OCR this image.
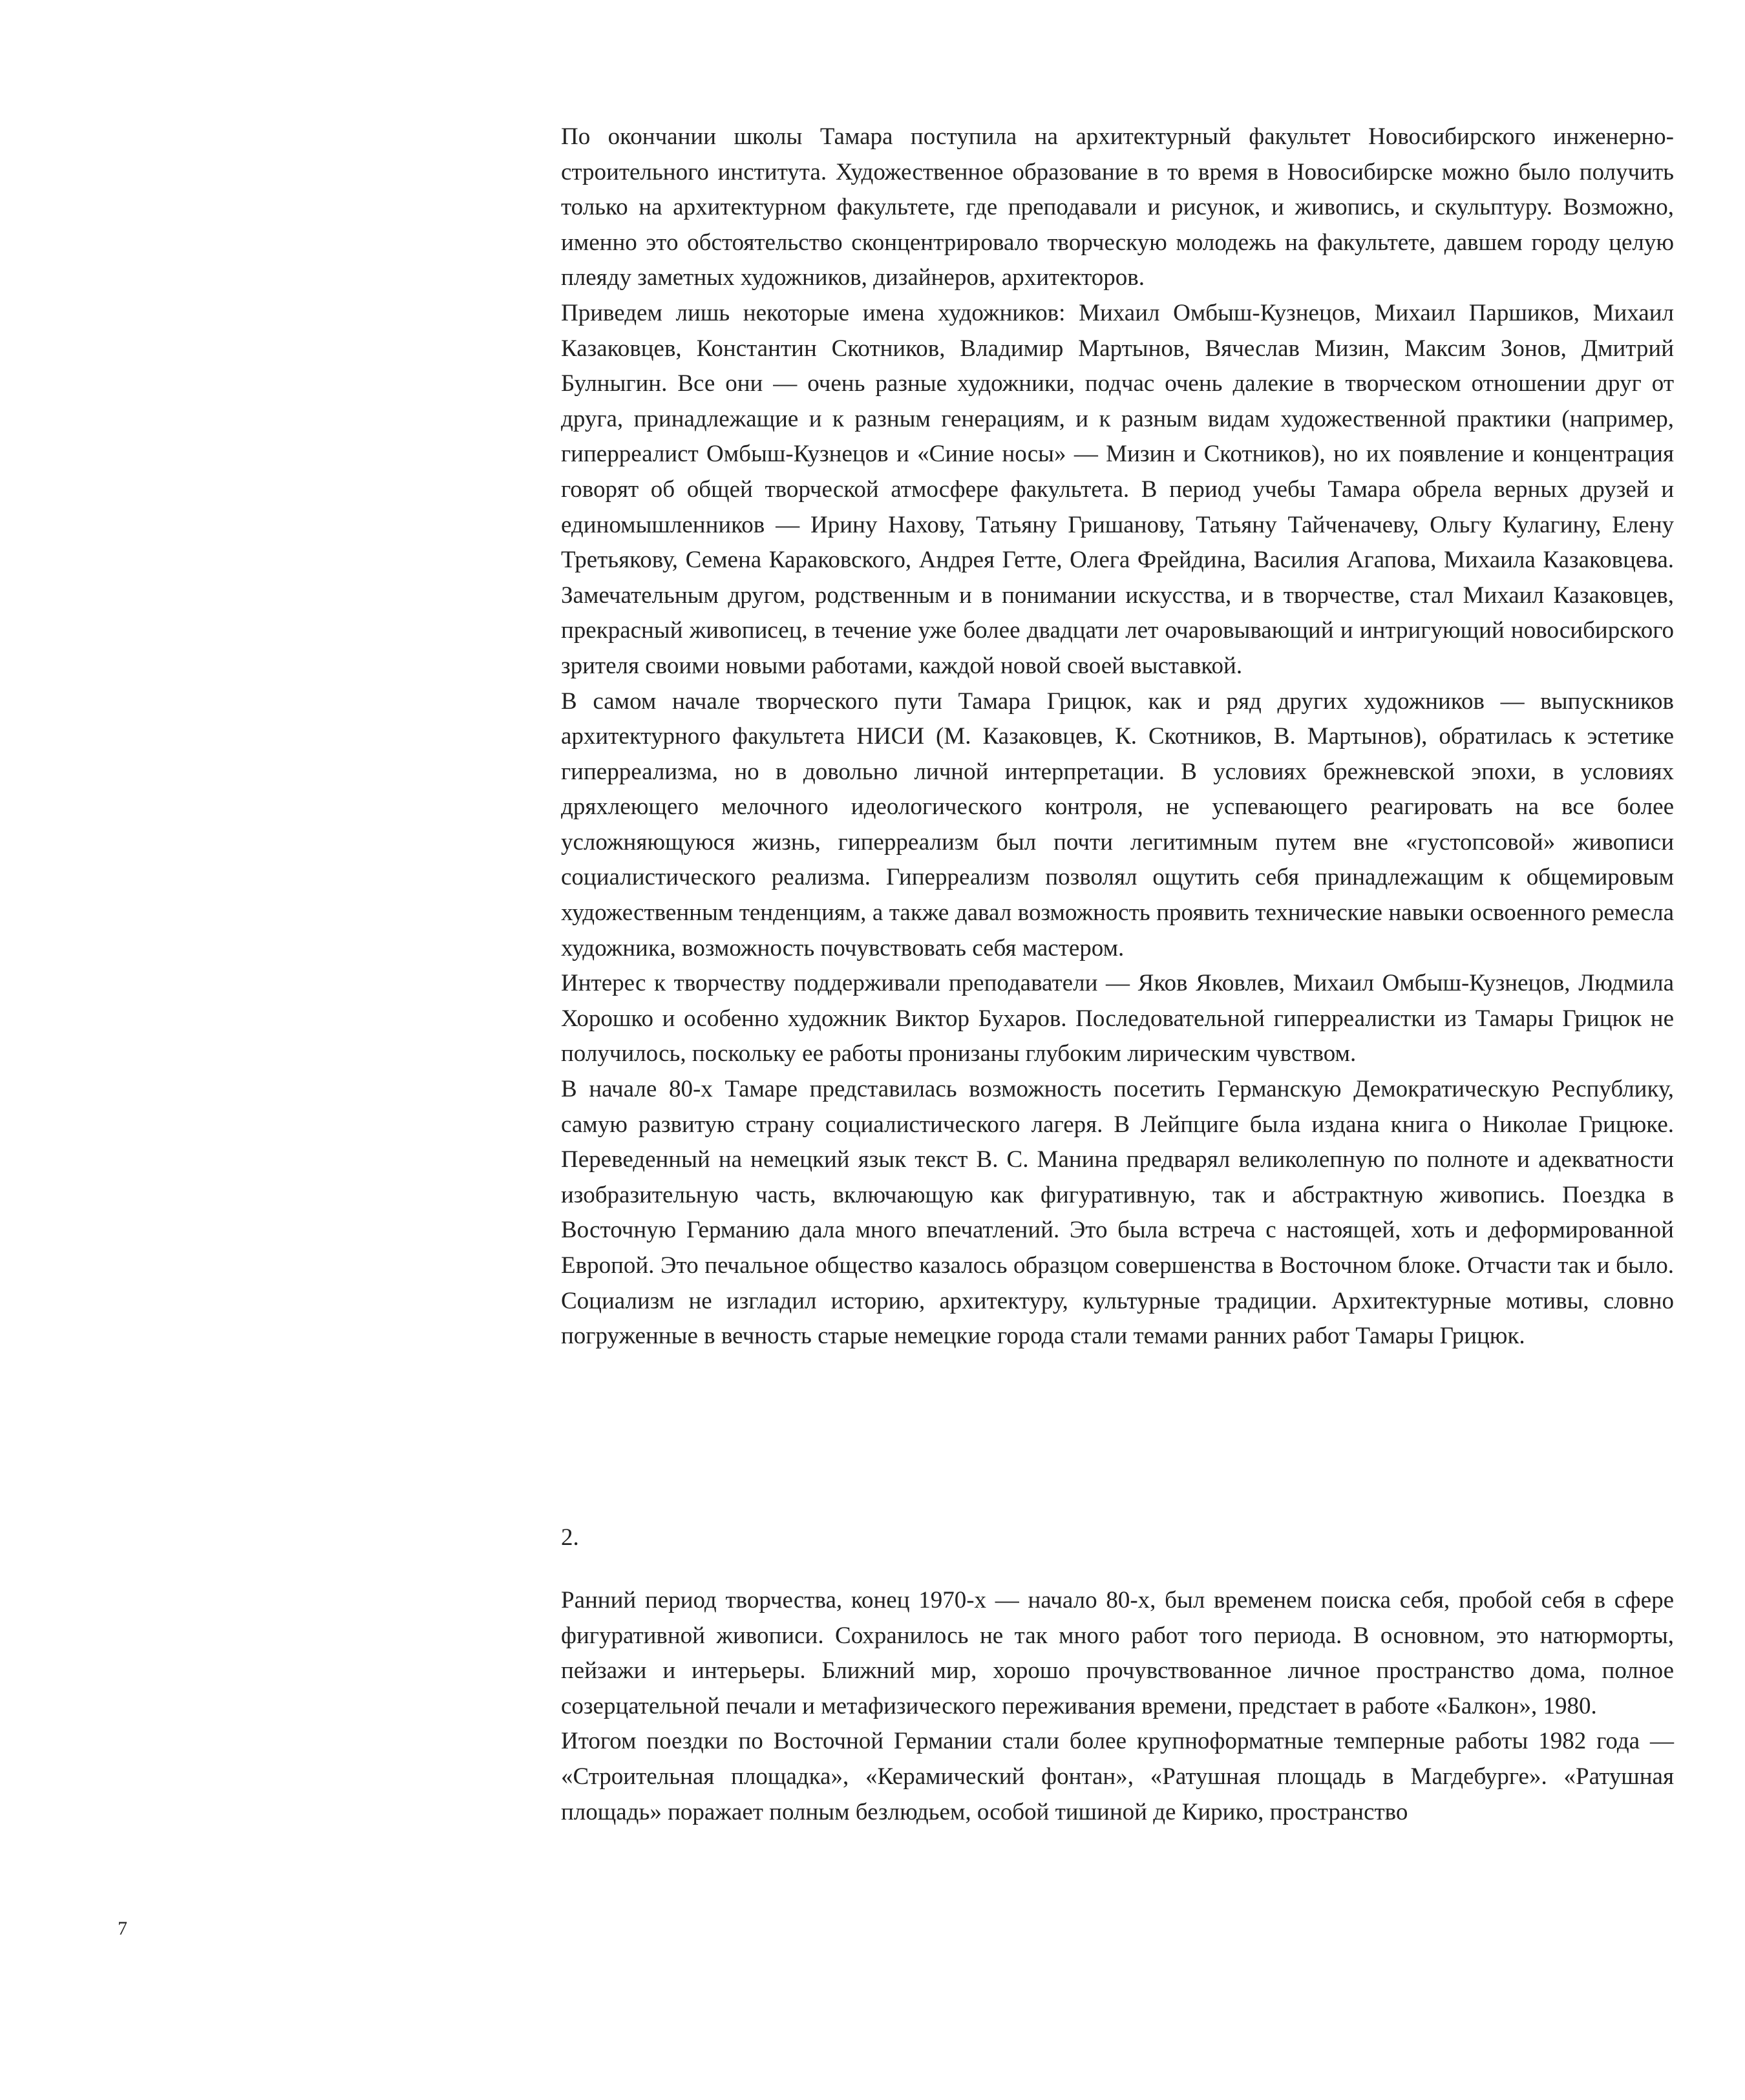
По окончании школы Тамара поступила на архитектурный факультет Новосибирского инженерно-строительного института. Художественное образование в то время в Новосибирске можно было получить только на архитектурном факультете, где преподавали и рисунок, и живопись, и скульптуру. Возможно, именно это обстоятельство сконцентрировало творческую молодежь на факультете, давшем городу целую плеяду заметных художников, дизайнеров, архитекторов.

Приведем лишь некоторые имена художников: Михаил Омбыш-Кузнецов, Михаил Паршиков, Михаил Казаковцев, Константин Скотников, Владимир Мартынов, Вячеслав Мизин, Максим Зонов, Дмитрий Булныгин. Все они — очень разные художники, подчас очень далекие в творческом отношении друг от друга, принадлежащие и к разным генерациям, и к разным видам художественной практики (например, гиперреалист Омбыш-Кузнецов и «Синие носы» — Мизин и Скотников), но их появление и концентрация говорят об общей творческой атмосфере факультета. В период учебы Тамара обрела верных друзей и единомышленников — Ирину Нахову, Татьяну Гришанову, Татьяну Тайченачеву, Ольгу Кулагину, Елену Третьякову, Семена Караковского, Андрея Гетте, Олега Фрейдина, Василия Агапова, Михаила Казаковцева. Замечательным другом, родственным и в понимании искусства, и в творчестве, стал Михаил Казаковцев, прекрасный живописец, в течение уже более двадцати лет очаровывающий и интригующий новосибирского зрителя своими новыми работами, каждой новой своей выставкой.

В самом начале творческого пути Тамара Грицюк, как и ряд других художников — выпускников архитектурного факультета НИСИ (М. Казаковцев, К. Скотников, В. Мартынов), обратилась к эстетике гиперреализма, но в довольно личной интерпретации. В условиях брежневской эпохи, в условиях дряхлеющего мелочного идеологического контроля, не успевающего реагировать на все более усложняющуюся жизнь, гиперреализм был почти легитимным путем вне «густопсовой» живописи социалистического реализма. Гиперреализм позволял ощутить себя принадлежащим к общемировым художественным тенденциям, а также давал возможность проявить технические навыки освоенного ремесла художника, возможность почувствовать себя мастером.

Интерес к творчеству поддерживали преподаватели — Яков Яковлев, Михаил Омбыш-Кузнецов, Людмила Хорошко и особенно художник Виктор Бухаров. Последовательной гиперреалистки из Тамары Грицюк не получилось, поскольку ее работы пронизаны глубоким лирическим чувством.

В начале 80-х Тамаре представилась возможность посетить Германскую Демократическую Республику, самую развитую страну социалистического лагеря. В Лейпциге была издана книга о Николае Грицюке. Переведенный на немецкий язык текст В. С. Манина предварял великолепную по полноте и адекватности изобразительную часть, включающую как фигуративную, так и абстрактную живопись. Поездка в Восточную Германию дала много впечатлений. Это была встреча с настоящей, хоть и деформированной Европой. Это печальное общество казалось образцом совершенства в Восточном блоке. Отчасти так и было. Социализм не изгладил историю, архитектуру, культурные традиции. Архитектурные мотивы, словно погруженные в вечность старые немецкие города стали темами ранних работ Тамары Грицюк.

2.

Ранний период творчества, конец 1970-х — начало 80-х, был временем поиска себя, пробой себя в сфере фигуративной живописи. Сохранилось не так много работ того периода. В основном, это натюрморты, пейзажи и интерьеры. Ближний мир, хорошо прочувствованное личное пространство дома, полное созерцательной печали и метафизического переживания времени, предстает в работе «Балкон», 1980.

Итогом поездки по Восточной Германии стали более крупноформатные темперные работы 1982 года — «Строительная площадка», «Керамический фонтан», «Ратушная площадь в Магдебурге». «Ратушная площадь» поражает полным безлюдьем, особой тишиной де Кирико, пространство

7
